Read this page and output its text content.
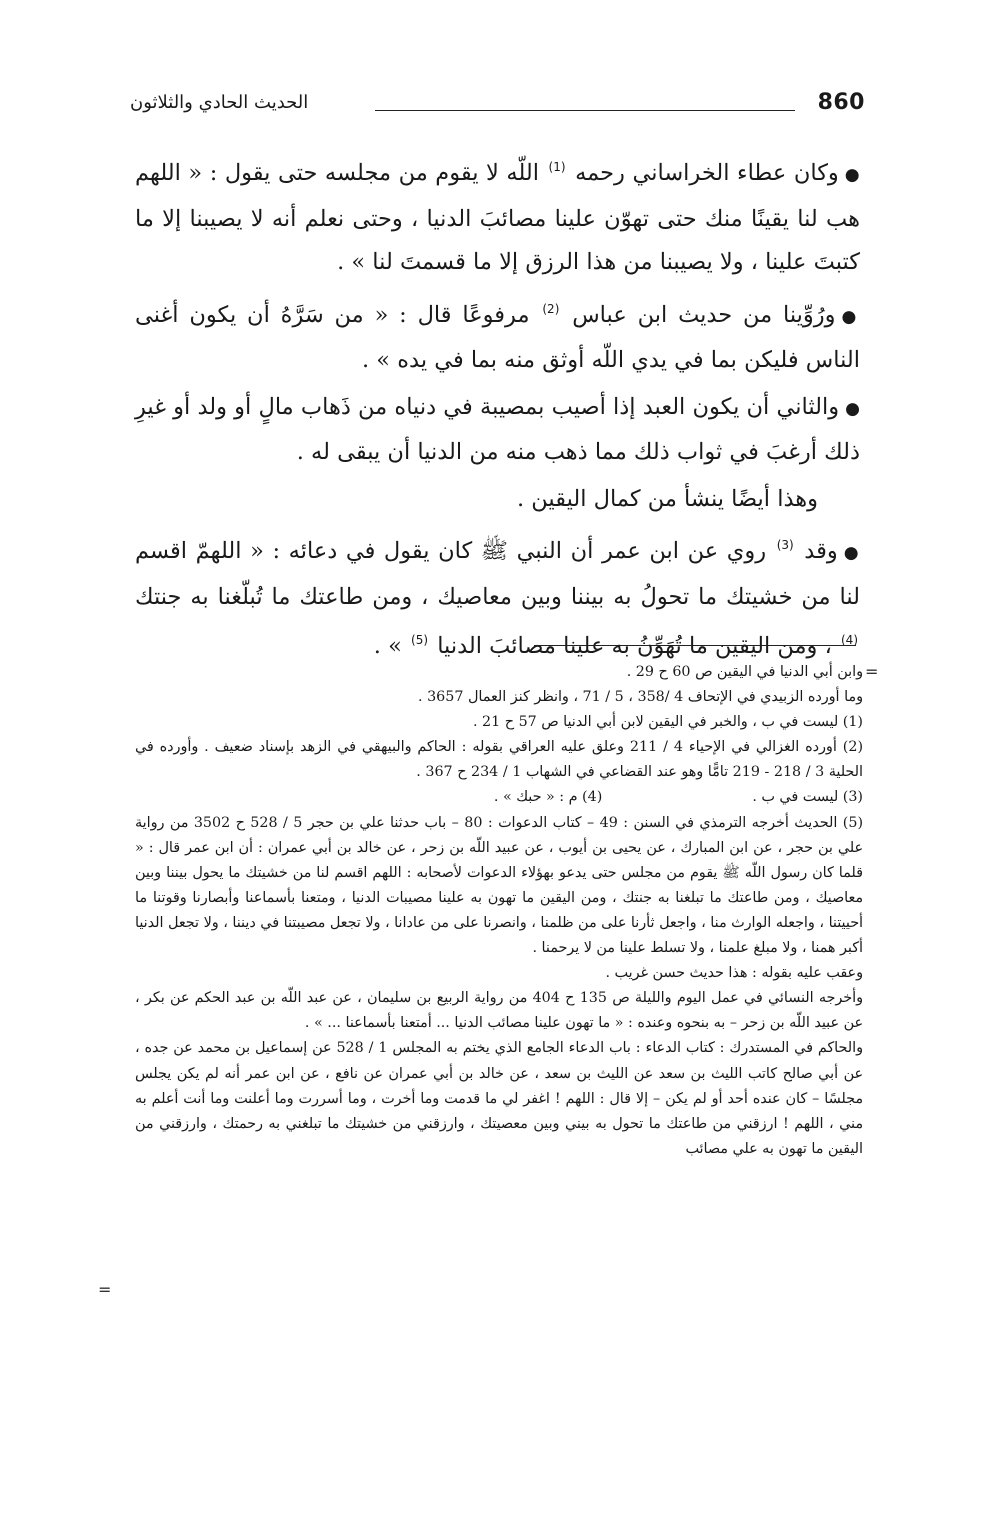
860
الحديث الحادي والثلاثون

●وكان عطاء الخراساني رحمه $^{(1)}$ اللّه لا يقوم من مجلسه حتى يقول : « اللهم هب لنا يقينًا منك حتى تهوّن علينا مصائبَ الدنيا ، وحتى نعلم أنه لا يصيبنا إلا ما كتبتَ علينا ، ولا يصيبنا من هذا الرزق إلا ما قسمتَ لنا » .

●ورُوِّينا من حديث ابن عباس $^{(2)}$ مرفوعًا قال : « من سَرَّهُ أن يكون أغنى الناس فليكن بما في يدي اللّه أوثق منه بما في يده » .

●والثاني أن يكون العبد إذا أصيب بمصيبة في دنياه من ذَهاب مالٍ أو ولد أو غيرِ ذلك أرغبَ في ثواب ذلك مما ذهب منه من الدنيا أن يبقى له .

وهذا أيضًا ينشأ من كمال اليقين .

●وقد $^{(3)}$ روي عن ابن عمر أن النبي ﷺ كان يقول في دعائه : « اللهمّ اقسم لنا من خشيتك ما تحولُ به بيننا وبين معاصيك ، ومن طاعتك ما تُبلّغنا به جنتك $^{(4)}$ ، ومن اليقين ما تُهَوِّنُ به علينا مصائبَ الدنيا $^{(5)}$ » .

=

وابن أبي الدنيا في اليقين ص 60 ح 29 .

وما أورده الزبيدي في الإتحاف 4 /358 ، 5 / 71 ، وانظر كنز العمال 3657 .

(1) ليست في ب ، والخبر في اليقين لابن أبي الدنيا ص 57 ح 21 .

(2) أورده الغزالي في الإحياء 4 / 211 وعلق عليه العراقي بقوله : الحاكم والبيهقي في الزهد بإسناد ضعيف . وأورده في الحلية 3 / 218 - 219 تامًّا وهو عند القضاعي في الشهاب 1 / 234 ح 367 .

(3) ليست في ب .
(4) م : « حبك » .

(5) الحديث أخرجه الترمذي في السنن : 49 – كتاب الدعوات : 80 – باب حدثنا علي بن حجر 5 / 528 ح 3502 من رواية علي بن حجر ، عن ابن المبارك ، عن يحيى بن أيوب ، عن عبيد اللّه بن زحر ، عن خالد بن أبي عمران : أن ابن عمر قال : « قلما كان رسول اللّه ﷺ يقوم من مجلس حتى يدعو بهؤلاء الدعوات لأصحابه : اللهم اقسم لنا من خشيتك ما يحول بيننا وبين معاصيك ، ومن طاعتك ما تبلغنا به جنتك ، ومن اليقين ما تهون به علينا مصيبات الدنيا ، ومتعنا بأسماعنا وأبصارنا وقوتنا ما أحييتنا ، واجعله الوارث منا ، واجعل ثأرنا على من ظلمنا ، وانصرنا على من عادانا ، ولا تجعل مصيبتنا في ديننا ، ولا تجعل الدنيا أكبر همنا ، ولا مبلغ علمنا ، ولا تسلط علينا من لا يرحمنا .

وعقب عليه بقوله : هذا حديث حسن غريب .

وأخرجه النسائي في عمل اليوم والليلة ص 135 ح 404 من رواية الربيع بن سليمان ، عن عبد اللّه بن عبد الحكم عن بكر ، عن عبيد اللّه بن زحر – به بنحوه وعنده : « ما تهون علينا مصائب الدنيا ... أمتعنا بأسماعنا ... » .

والحاكم في المستدرك : كتاب الدعاء : باب الدعاء الجامع الذي يختم به المجلس 1 / 528 عن إسماعيل بن محمد عن جده ، عن أبي صالح كاتب الليث بن سعد عن الليث بن سعد ، عن خالد بن أبي عمران عن نافع ، عن ابن عمر أنه لم يكن يجلس مجلسًا – كان عنده أحد أو لم يكن – إلا قال : اللهم ! اغفر لي ما قدمت وما أخرت ، وما أسررت وما أعلنت وما أنت أعلم به مني ، اللهم ! ارزقني من طاعتك ما تحول به بيني وبين معصيتك ، وارزقني من خشيتك ما تبلغني به رحمتك ، وارزقني من اليقين ما تهون به علي مصائب

=
